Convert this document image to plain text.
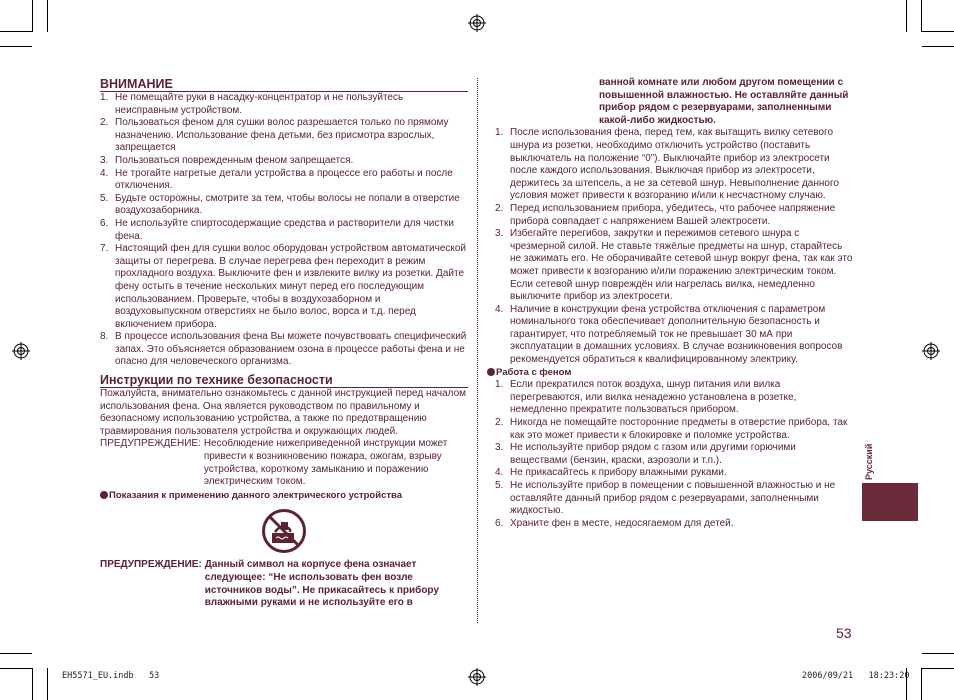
ВНИМАНИЕ
1. Не помещайте руки в насадку-концентратор и не пользуйтесь неисправным устройством.
2. Пользоваться феном для сушки волос разрешается только по прямому назначению. Использование фена детьми, без присмотра взрослых, запрещается
3. Пользоваться поврежденным феном запрещается.
4. Не трогайте нагретые детали устройства в процессе его работы и после отключения.
5. Будьте осторожны, смотрите за тем, чтобы волосы не попали в отверстие воздухозаборника.
6. Не используйте спиртосодержащие средства и растворители для чистки фена.
7. Настоящий фен для сушки волос оборудован устройством автоматической защиты от перегрева. В случае перегрева фен переходит в режим прохладного воздуха. Выключите фен и извлеките вилку из розетки. Дайте фену остыть в течение нескольких минут перед его последующим использованием. Проверьте, чтобы в воздухозаборном и воздуховыпускном отверстиях не было волос, ворса и т.д. перед включением прибора.
8. В процессе использования фена Вы можете почувствовать специфический запах. Это объясняется образованием озона в процессе работы фена и не опасно для человеческого организма.
Инструкции по технике безопасности

Пожалуйста, внимательно ознакомьтесь с данной инструкцией перед началом использования фена. Она является руководством по правильному и безопасному использованию устройства, а также по предотвращению травмирования пользователя устройства и окружающих людей.

ПРЕДУПРЕЖДЕНИЕ: Несоблюдение нижеприведенной инструкции может привести к возникновению пожара, ожогам, взрыву устройства, короткому замыканию и поражению электрическим током.
Показания к применению данного электрического устройства
ПРЕДУПРЕЖДЕНИЕ: Данный символ на корпусе фена означает следующее: “Не использовать фен возле источников воды”. Не прикасайтесь к прибору влажными руками и не используйте его в

ванной комнате или любом другом помещении с повышенной влажностью. Не оставляйте данный прибор рядом с резервуарами, заполненными какой-либо жидкостью.

1. После использования фена, перед тем, как вытащить вилку сетевого шнура из розетки, необходимо отключить устройство (поставить выключатель на положение “0”). Выключайте прибор из электросети после каждого использования. Выключая прибор из электросети, держитесь за штепсель, а не за сетевой шнур. Невыполнение данного условия может привести к возгоранию и/или к несчастному случаю.
2. Перед использованием прибора, убедитесь, что рабочее напряжение прибора совпадает с напряжением Вашей электросети.
3. Избегайте перегибов, закрутки и пережимов сетевого шнура с чрезмерной силой. Не ставьте тяжёлые предметы на шнур, старайтесь не зажимать его. Не оборачивайте сетевой шнур вокруг фена, так как это может привести к возгоранию и/или поражению электрическим током. Если сетевой шнур повреждён или нагрелась вилка, немедленно выключите прибор из электросети.
4. Наличие в конструкции фена устройства отключения с параметром номинального тока обеспечивает дополнительную безопасность и гарантирует, что потребляемый ток не превышает 30 мА при эксплуатации в домашних условиях. В случае возникновения вопросов рекомендуется обратиться к квалифицированному электрику.
Работа с феном
1. Если прекратился поток воздуха, шнур питания или вилка перегреваются, или вилка ненадежно установлена в розетке, немедленно прекратите пользоваться прибором.
2. Никогда не помещайте посторонние предметы в отверстие прибора, так как это может привести к блокировке и поломке устройства.
3. Не используйте прибор рядом с газом или другими горючими веществами (бензин, краски, аэрозоли и т.п.).
4. Не прикасайтесь к прибору влажными руками.
5. Не используйте прибор в помещении с повышенной влажностью и не оставляйте данный прибор рядом с резервуарами, заполненными жидкостью.
6. Храните фен в месте, недосягаемом для детей.
Русский
53
EH5571_EU.indb   53	2006/09/21   18:23:20
